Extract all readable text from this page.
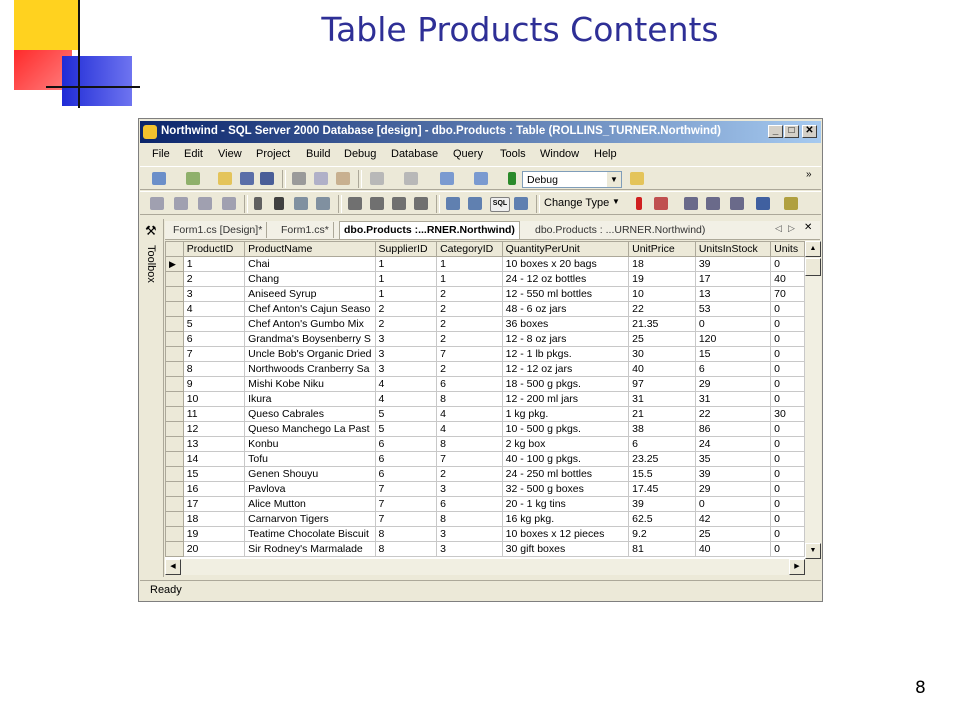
Table Products Contents
8
Northwind - SQL Server 2000 Database [design] - dbo.Products : Table (ROLLINS_TURNER.Northwind)	_	□	✕
File Edit View Project Build Debug Database Query Tools Window Help
Debug	▼	»
SQL	Change Type ▼
⚒
Toolbox
Form1.cs [Design]*	Form1.cs*	dbo.Products :...RNER.Northwind)	dbo.Products : ...URNER.Northwind)	◁ ▷ ✕
	ProductID	ProductName	SupplierID	CategoryID	QuantityPerUnit	UnitPrice	UnitsInStock	Units
▶	1	Chai	1	1	10 boxes x 20 bags	18	39	0
	2	Chang	1	1	24 - 12 oz bottles	19	17	40
	3	Aniseed Syrup	1	2	12 - 550 ml bottles	10	13	70
	4	Chef Anton's Cajun Seaso	2	2	48 - 6 oz jars	22	53	0
	5	Chef Anton's Gumbo Mix	2	2	36 boxes	21.35	0	0
	6	Grandma's Boysenberry S	3	2	12 - 8 oz jars	25	120	0
	7	Uncle Bob's Organic Dried	3	7	12 - 1 lb pkgs.	30	15	0
	8	Northwoods Cranberry Sa	3	2	12 - 12 oz jars	40	6	0
	9	Mishi Kobe Niku	4	6	18 - 500 g pkgs.	97	29	0
	10	Ikura	4	8	12 - 200 ml jars	31	31	0
	11	Queso Cabrales	5	4	1 kg pkg.	21	22	30
	12	Queso Manchego La Past	5	4	10 - 500 g pkgs.	38	86	0
	13	Konbu	6	8	2 kg box	6	24	0
	14	Tofu	6	7	40 - 100 g pkgs.	23.25	35	0
	15	Genen Shouyu	6	2	24 - 250 ml bottles	15.5	39	0
	16	Pavlova	7	3	32 - 500 g boxes	17.45	29	0
	17	Alice Mutton	7	6	20 - 1 kg tins	39	0	0
	18	Carnarvon Tigers	7	8	16 kg pkg.	62.5	42	0
	19	Teatime Chocolate Biscuit	8	3	10 boxes x 12 pieces	9.2	25	0
	20	Sir Rodney's Marmalade	8	3	30 gift boxes	81	40	0
▲
▼
◀	▶
Ready
